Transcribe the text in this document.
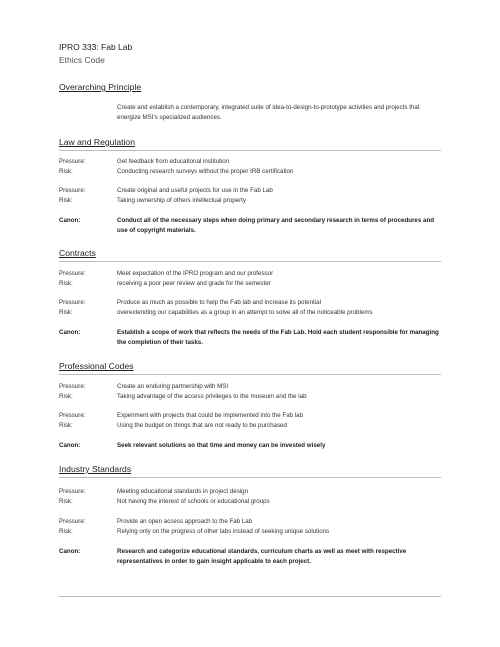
IPRO 333: Fab Lab
Ethics Code
Overarching Principle
Create and establish a contemporary, integrated suite of idea-to-design-to-prototype activities and projects that energize MSI's specialized audiences.
Law and Regulation
Pressure:	Get feedback from educational institution
Risk:	Conducting research surveys without the proper IRB certification
Pressure:	Create original and useful projects for use in the Fab Lab
Risk:	Taking ownership of others intellectual property
Canon:	Conduct all of the necessary steps when doing primary and secondary research in terms of procedures and use of copyright materials.
Contracts
Pressure:	Meet expectation of the IPRO program and our professor
Risk:	receiving a poor peer review and grade for the semester
Pressure:	Produce as much as possible to help the Fab lab and increase its potential
Risk:	overextending our capabilities as a group in an attempt to solve all of the noticeable problems
Canon:	Establish a scope of work that reflects the needs of the Fab Lab. Hold each student responsible for managing the completion of their tasks.
Professional Codes
Pressure:	Create an enduring partnership with MSI
Risk:	Taking advantage of the access privileges to the museum and the lab
Pressure:	Experiment with projects that could be implemented into the Fab lab
Risk:	Using the budget on things that are not ready to be purchased
Canon:	Seek relevant solutions so that time and money can be invested wisely
Industry Standards
Pressure:	Meeting educational standards in project design
Risk:	Not having the interest of schools or educational groups
Pressure:	Provide an open access approach to the Fab Lab
Risk:	Relying only on the progress of other labs instead of seeking unique solutions
Canon:	Research and categorize educational standards, curriculum charts as well as meet with respective representatives in order to gain insight applicable to each project.
